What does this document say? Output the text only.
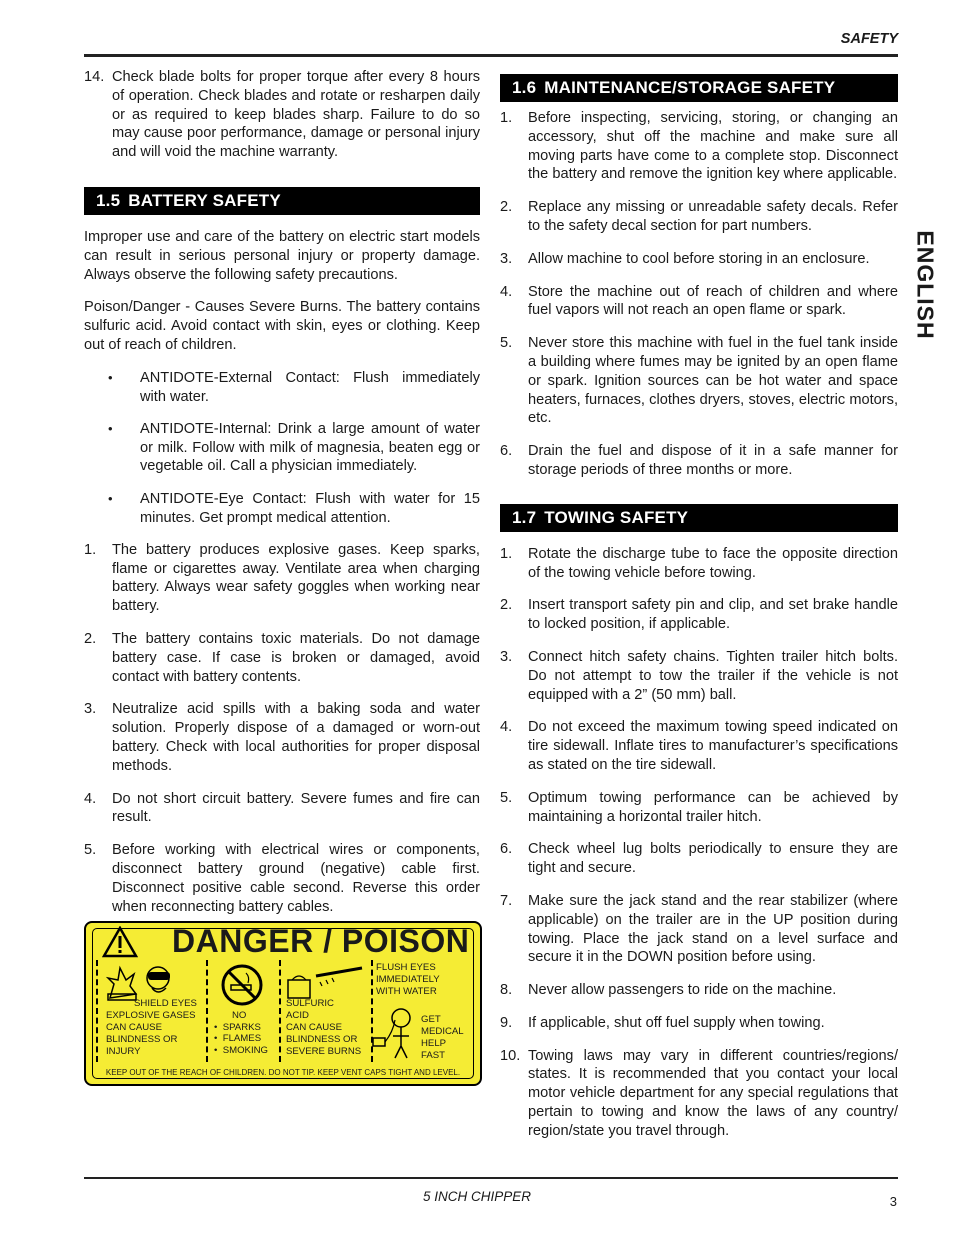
SAFETY
ENGLISH
14. Check blade bolts for proper torque after every 8 hours of operation. Check blades and rotate or resharpen daily or as required to keep blades sharp. Failure to do so may cause poor performance, damage or personal injury and will void the machine warranty.
1.5 BATTERY SAFETY

Improper use and care of the battery on electric start models can result in serious personal injury or property damage. Always observe the following safety precautions.

Poison/Danger - Causes Severe Burns. The battery contains sulfuric acid. Avoid contact with skin, eyes or clothing. Keep out of reach of children.

•	ANTIDOTE-External Contact: Flush immediately with water.
•	ANTIDOTE-Internal: Drink a large amount of water or milk. Follow with milk of magnesia, beaten egg or vegetable oil. Call a physician immediately.
•	ANTIDOTE-Eye Contact: Flush with water for 15 minutes. Get prompt medical attention.
1.	The battery produces explosive gases. Keep sparks, flame or cigarettes away. Ventilate area when charging battery. Always wear safety goggles when working near battery.
2.	The battery contains toxic materials. Do not damage battery case. If case is broken or damaged, avoid contact with battery contents.
3.	Neutralize acid spills with a baking soda and water solution. Properly dispose of a damaged or worn-out battery. Check with local authorities for proper disposal methods.
4.	Do not short circuit battery. Severe fumes and fire can result.
5.	Before working with electrical wires or components, disconnect battery ground (negative) cable first. Disconnect positive cable second. Reverse this order when reconnecting battery cables.
DANGER / POISON
SHIELD EYES
EXPLOSIVE GASES
CAN CAUSE
BLINDNESS OR
INJURY
NO
•  SPARKS
•  FLAMES
•  SMOKING
FLUSH EYES
IMMEDIATELY
WITH WATER
SULFURIC
ACID
CAN CAUSE
BLINDNESS OR
SEVERE BURNS
GET
MEDICAL
HELP
FAST
KEEP OUT OF THE REACH OF CHILDREN. DO NOT TIP. KEEP VENT CAPS TIGHT AND LEVEL.
1.6 MAINTENANCE/STORAGE SAFETY
1.	Before inspecting, servicing, storing, or changing an accessory, shut off the machine and make sure all moving parts have come to a complete stop. Disconnect the battery and remove the ignition key where applicable.
2.	Replace any missing or unreadable safety decals. Refer to the safety decal section for part numbers.
3.	Allow machine to cool before storing in an enclosure.
4.	Store the machine out of reach of children and where fuel vapors will not reach an open flame or spark.
5.	Never store this machine with fuel in the fuel tank inside a building where fumes may be ignited by an open flame or spark. Ignition sources can be hot water and space heaters, furnaces, clothes dryers, stoves, electric motors, etc.
6.	Drain the fuel and dispose of it in a safe manner for storage periods of three months or more.
1.7 TOWING SAFETY
1.	Rotate the discharge tube to face the opposite direction of the towing vehicle before towing.
2.	Insert transport safety pin and clip, and set brake handle to locked position, if applicable.
3.	Connect hitch safety chains. Tighten trailer hitch bolts. Do not attempt to tow the trailer if the vehicle is not equipped with a 2” (50 mm) ball.
4.	Do not exceed the maximum towing speed indicated on tire sidewall. Inflate tires to manufacturer’s specifications as stated on the tire sidewall.
5.	Optimum towing performance can be achieved by maintaining a horizontal trailer hitch.
6.	Check wheel lug bolts periodically to ensure they are tight and secure.
7.	Make sure the jack stand and the rear stabilizer (where applicable) on the trailer are in the UP position during towing. Place the jack stand on a level surface and secure it in the DOWN position before using.
8.	Never allow passengers to ride on the machine.
9.	If applicable, shut off fuel supply when towing.
10. Towing laws may vary in different countries/regions/ states. It is recommended that you contact your local motor vehicle department for any special regulations that pertain to towing and know the laws of any country/ region/state you travel through.
5 INCH CHIPPER	3
